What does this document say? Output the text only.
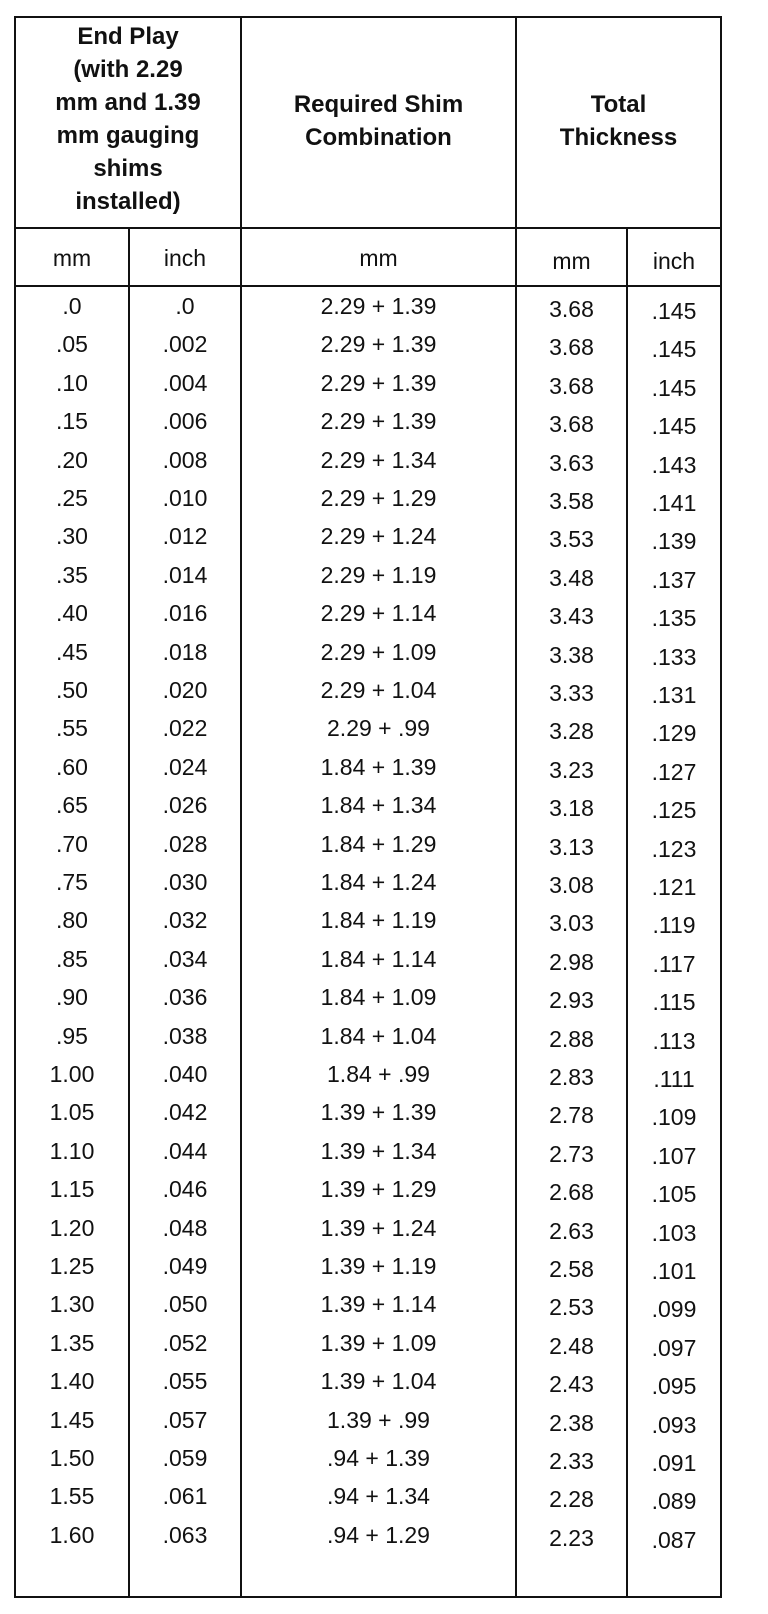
End Play
(with 2.29
mm and 1.39
mm gauging
shims
installed)
Required Shim
Combination
Total
Thickness
mm	inch	mm	mm	inch
.0	.0	2.29 + 1.39	3.68	.145
.05	.002	2.29 + 1.39	3.68	.145
.10	.004	2.29 + 1.39	3.68	.145
.15	.006	2.29 + 1.39	3.68	.145
.20	.008	2.29 + 1.34	3.63	.143
.25	.010	2.29 + 1.29	3.58	.141
.30	.012	2.29 + 1.24	3.53	.139
.35	.014	2.29 + 1.19	3.48	.137
.40	.016	2.29 + 1.14	3.43	.135
.45	.018	2.29 + 1.09	3.38	.133
.50	.020	2.29 + 1.04	3.33	.131
.55	.022	2.29 + .99	3.28	.129
.60	.024	1.84 + 1.39	3.23	.127
.65	.026	1.84 + 1.34	3.18	.125
.70	.028	1.84 + 1.29	3.13	.123
.75	.030	1.84 + 1.24	3.08	.121
.80	.032	1.84 + 1.19	3.03	.119
.85	.034	1.84 + 1.14	2.98	.117
.90	.036	1.84 + 1.09	2.93	.115
.95	.038	1.84 + 1.04	2.88	.113
1.00	.040	1.84 + .99	2.83	.111
1.05	.042	1.39 + 1.39	2.78	.109
1.10	.044	1.39 + 1.34	2.73	.107
1.15	.046	1.39 + 1.29	2.68	.105
1.20	.048	1.39 + 1.24	2.63	.103
1.25	.049	1.39 + 1.19	2.58	.101
1.30	.050	1.39 + 1.14	2.53	.099
1.35	.052	1.39 + 1.09	2.48	.097
1.40	.055	1.39 + 1.04	2.43	.095
1.45	.057	1.39 + .99	2.38	.093
1.50	.059	.94 + 1.39	2.33	.091
1.55	.061	.94 + 1.34	2.28	.089
1.60	.063	.94 + 1.29	2.23	.087
